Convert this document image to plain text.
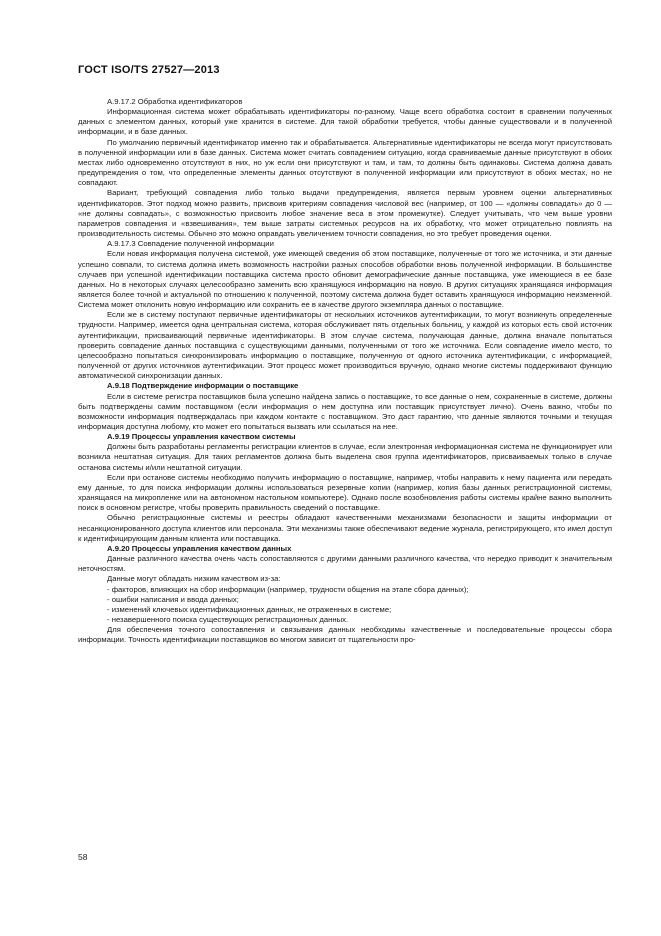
ГОСТ ISO/TS 27527—2013

А.9.17.2 Обработка идентификаторов

Информационная система может обрабатывать идентификаторы по-разному. Чаще всего обработка состоит в сравнении полученных данных с элементом данных, который уже хранится в системе. Для такой обработки требуется, чтобы данные существовали и в полученной информации, и в базе данных.

По умолчанию первичный идентификатор именно так и обрабатывается. Альтернативные идентификаторы не всегда могут присутствовать в полученной информации или в базе данных. Система может считать совпадением ситуацию, когда сравниваемые данные присутствуют в обоих местах либо одновременно отсутствуют в них, но уж если они присутствуют и там, и там, то должны быть одинаковы. Система должна давать предупреждения о том, что определенные элементы данных отсутствуют в полученной информации или присутствуют в обоих местах, но не совпадают.

Вариант, требующий совпадения либо только выдачи предупреждения, является первым уровнем оценки альтернативных идентификаторов. Этот подход можно развить, присвоив критериям совпадения числовой вес (например, от 100 — «должны совпадать» до 0 — «не должны совпадать», с возможностью присвоить любое значение веса в этом промежутке). Следует учитывать, что чем выше уровни параметров совпадения и «взвешивания», тем выше затраты системных ресурсов на их обработку, что может отрицательно повлиять на производительность системы. Обычно это можно оправдать увеличением точности совпадения, но это требует проведения оценки.

А.9.17.3 Совпадение полученной информации

Если новая информация получена системой, уже имеющей сведения об этом поставщике, полученные от того же источника, и эти данные успешно совпали, то система должна иметь возможность настройки разных способов обработки вновь полученной информации. В большинстве случаев при успешной идентификации поставщика система просто обновит демографические данные поставщика, уже имеющиеся в ее базе данных. Но в некоторых случаях целесообразно заменить всю хранящуюся информацию на новую. В других ситуациях хранящаяся информация является более точной и актуальной по отношению к полученной, поэтому система должна будет оставить хранящуюся информацию неизменной. Система может отклонить новую информацию или сохранить ее в качестве другого экземпляра данных о поставщике.

Если же в систему поступают первичные идентификаторы от нескольких источников аутентификации, то могут возникнуть определенные трудности. Например, имеется одна центральная система, которая обслуживает пять отдельных больниц, у каждой из которых есть свой источник аутентификации, присваивающий первичные идентификаторы. В этом случае система, получающая данные, должна вначале попытаться проверить совпадение данных поставщика с существующими данными, полученными от того же источника. Если совпадение имело место, то целесообразно попытаться синхронизировать информацию о поставщике, полученную от одного источника аутентификации, с информацией, полученной от других источников аутентификации. Этот процесс может производиться вручную, однако многие системы поддерживают функцию автоматической синхронизации данных.

А.9.18 Подтверждение информации о поставщике

Если в системе регистра поставщиков была успешно найдена запись о поставщике, то все данные о нем, сохраненные в системе, должны быть подтверждены самим поставщиком (если информация о нем доступна или поставщик присутствует лично). Очень важно, чтобы по возможности информация подтверждалась при каждом контакте с поставщиком. Это даст гарантию, что данные являются точными и текущая информация доступна любому, кто может его попытаться вызвать или ссылаться на нее.

А.9.19 Процессы управления качеством системы

Должны быть разработаны регламенты регистрации клиентов в случае, если электронная информационная система не функционирует или возникла нештатная ситуация. Для таких регламентов должна быть выделена своя группа идентификаторов, присваиваемых только в случае останова системы и/или нештатной ситуации.

Если при останове системы необходимо получить информацию о поставщике, например, чтобы направить к нему пациента или передать ему данные, то для поиска информации должны использоваться резервные копии (например, копия базы данных регистрационной системы, хранящаяся на микропленке или на автономном настольном компьютере). Однако после возобновления работы системы крайне важно выполнить поиск в основном регистре, чтобы проверить правильность сведений о поставщике.

Обычно регистрационные системы и реестры обладают качественными механизмами безопасности и защиты информации от несанкционированного доступа клиентов или персонала. Эти механизмы также обеспечивают ведение журнала, регистрирующего, кто имел доступ к идентифицирующим данным клиента или поставщика.

А.9.20 Процессы управления качеством данных

Данные различного качества очень часть сопоставляются с другими данными различного качества, что нередко приводит к значительным неточностям.

Данные могут обладать низким качеством из-за:

- факторов, влияющих на сбор информации (например, трудности общения на этапе сбора данных);

- ошибки написания и ввода данных;

- изменений ключевых идентификационных данных, не отраженных в системе;

- незавершенного поиска существующих регистрационных данных.

Для обеспечения точного сопоставления и связывания данных необходимы качественные и последовательные процессы сбора информации. Точность идентификации поставщиков во многом зависит от тщательности про-

58
